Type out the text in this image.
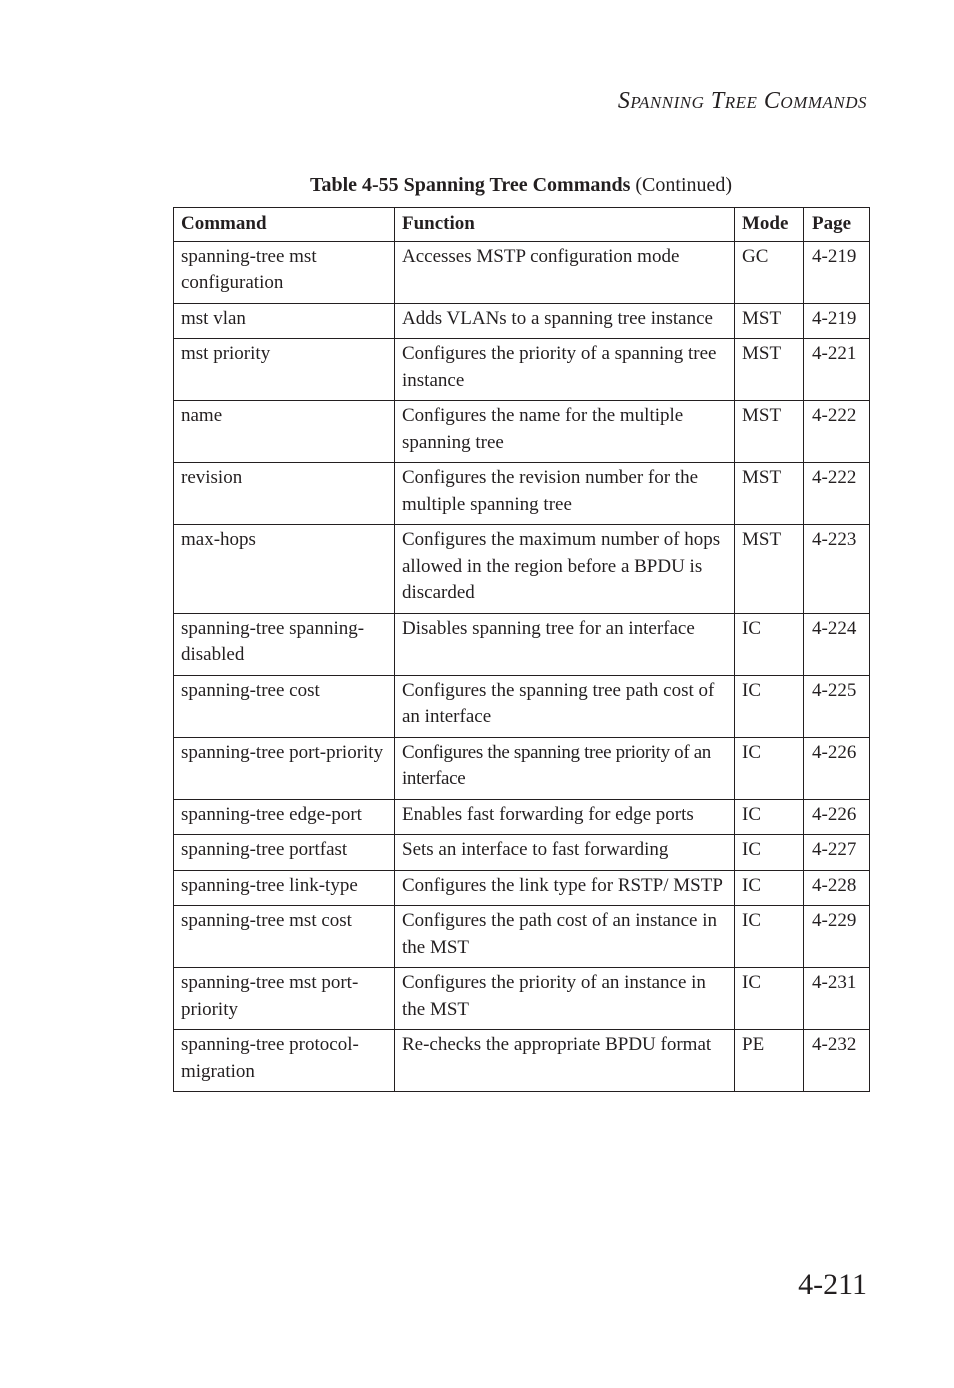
Spanning Tree Commands
Table 4-55 Spanning Tree Commands (Continued)
Command	Function	Mode	Page
spanning-tree mst configuration	Accesses MSTP configuration mode	GC	4-219
mst vlan	Adds VLANs to a spanning tree instance	MST	4-219
mst priority	Configures the priority of a spanning tree instance	MST	4-221
name	Configures the name for the multiple spanning tree	MST	4-222
revision	Configures the revision number for the multiple spanning tree	MST	4-222
max-hops	Configures the maximum number of hops allowed in the region before a BPDU is discarded	MST	4-223
spanning-tree spanning-disabled	Disables spanning tree for an interface	IC	4-224
spanning-tree cost	Configures the spanning tree path cost of an interface	IC	4-225
spanning-tree port-priority	Configures the spanning tree priority of an interface	IC	4-226
spanning-tree edge-port	Enables fast forwarding for edge ports	IC	4-226
spanning-tree portfast	Sets an interface to fast forwarding	IC	4-227
spanning-tree link-type	Configures the link type for RSTP/ MSTP	IC	4-228
spanning-tree mst cost	Configures the path cost of an instance in the MST	IC	4-229
spanning-tree mst port-priority	Configures the priority of an instance in the MST	IC	4-231
spanning-tree protocol-migration	Re-checks the appropriate BPDU format	PE	4-232
4-211
